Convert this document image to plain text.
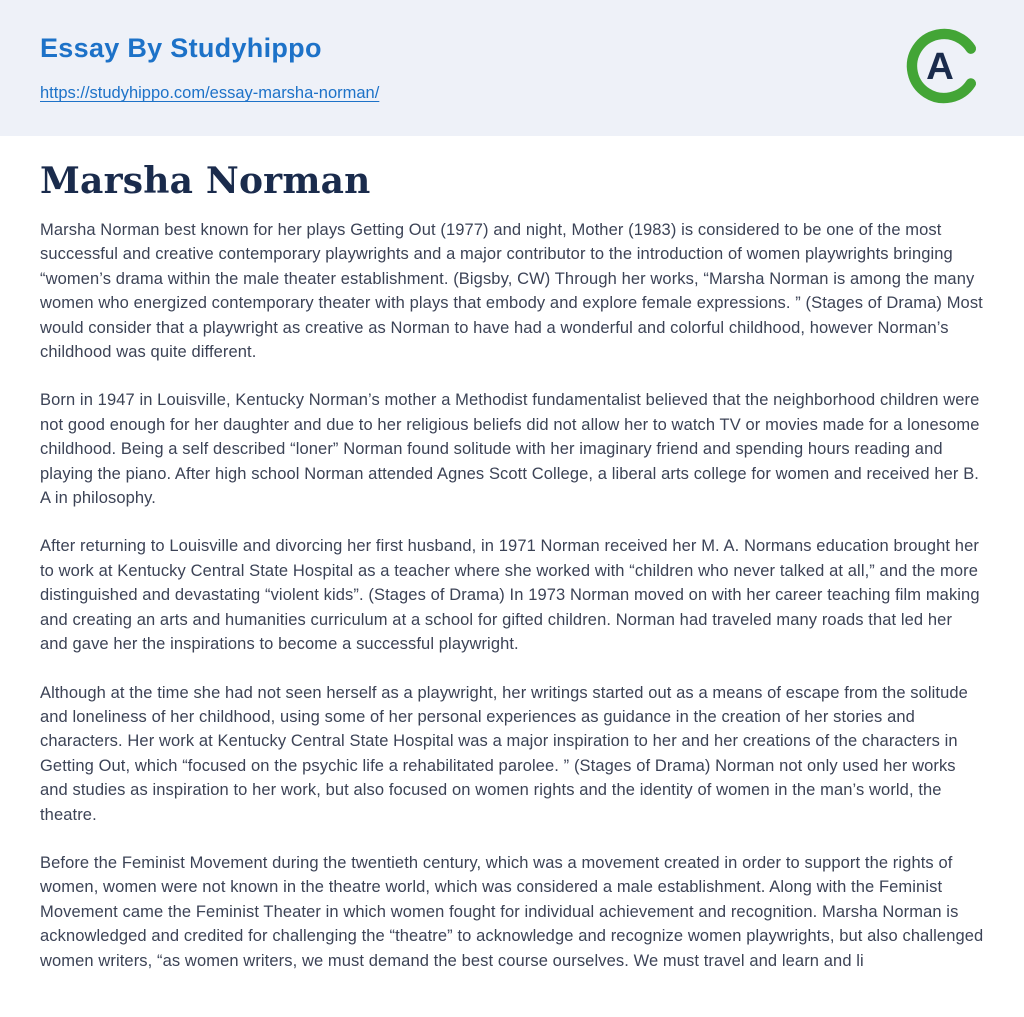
Essay By Studyhippo
https://studyhippo.com/essay-marsha-norman/
A
Marsha Norman

Marsha Norman best known for her plays Getting Out (1977) and night, Mother (1983) is considered to be one of the most successful and creative contemporary playwrights and a major contributor to the introduction of women playwrights bringing “women’s drama within the male theater establishment. (Bigsby, CW) Through her works, “Marsha Norman is among the many women who energized contemporary theater with plays that embody and explore female expressions. ” (Stages of Drama) Most would consider that a playwright as creative as Norman to have had a wonderful and colorful childhood, however Norman’s childhood was quite different.

Born in 1947 in Louisville, Kentucky Norman’s mother a Methodist fundamentalist believed that the neighborhood children were not good enough for her daughter and due to her religious beliefs did not allow her to watch TV or movies made for a lonesome childhood. Being a self described “loner” Norman found solitude with her imaginary friend and spending hours reading and playing the piano. After high school Norman attended Agnes Scott College, a liberal arts college for women and received her B. A in philosophy.

After returning to Louisville and divorcing her first husband, in 1971 Norman received her M. A. Normans education brought her to work at Kentucky Central State Hospital as a teacher where she worked with “children who never talked at all,” and the more distinguished and devastating “violent kids”. (Stages of Drama) In 1973 Norman moved on with her career teaching film making and creating an arts and humanities curriculum at a school for gifted children. Norman had traveled many roads that led her and gave her the inspirations to become a successful playwright.

Although at the time she had not seen herself as a playwright, her writings started out as a means of escape from the solitude and loneliness of her childhood, using some of her personal experiences as guidance in the creation of her stories and characters. Her work at Kentucky Central State Hospital was a major inspiration to her and her creations of the characters in Getting Out, which “focused on the psychic life a rehabilitated parolee. ” (Stages of Drama) Norman not only used her works and studies as inspiration to her work, but also focused on women rights and the identity of women in the man’s world, the theatre.

Before the Feminist Movement during the twentieth century, which was a movement created in order to support the rights of women, women were not known in the theatre world, which was considered a male establishment. Along with the Feminist Movement came the Feminist Theater in which women fought for individual achievement and recognition. Marsha Norman is acknowledged and credited for challenging the “theatre” to acknowledge and recognize women playwrights, but also challenged women writers, “as women writers, we must demand the best course ourselves. We must travel and learn and li
